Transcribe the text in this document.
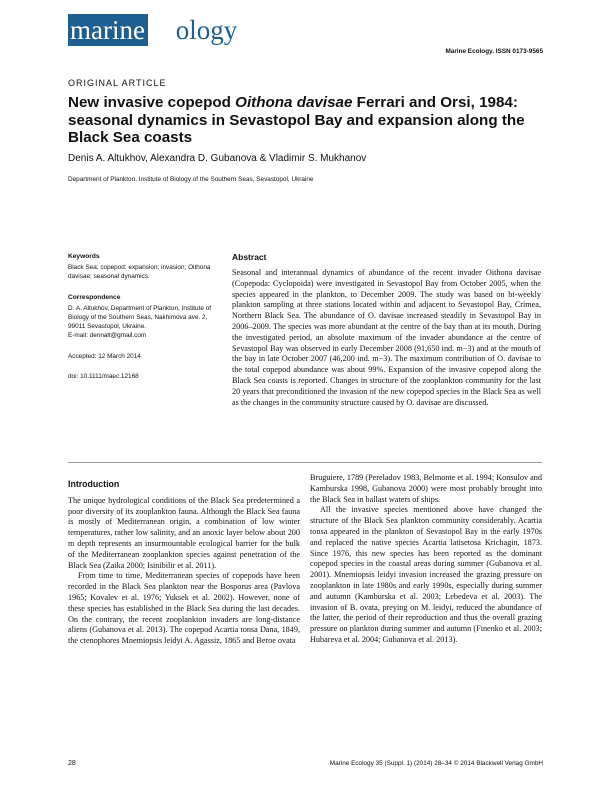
marine ecology
Marine Ecology. ISSN 0173-9565
ORIGINAL ARTICLE
New invasive copepod Oithona davisae Ferrari and Orsi, 1984: seasonal dynamics in Sevastopol Bay and expansion along the Black Sea coasts
Denis A. Altukhov, Alexandra D. Gubanova & Vladimir S. Mukhanov
Department of Plankton, Institute of Biology of the Southern Seas, Sevastopol, Ukraine
Keywords
Black Sea; copepod; expansion; invasion; Oithona davisae; seasonal dynamics.
Correspondence
D. A. Altukhov, Department of Plankton, Institute of Biology of the Southern Seas, Nakhimova ave. 2, 99011 Sevastopol, Ukraine.
E-mail: dennalt@gmail.com
Accepted: 12 March 2014
doi: 10.1111/maec.12168
Abstract
Seasonal and interannual dynamics of abundance of the recent invader Oithona davisae (Copepoda: Cyclopoida) were investigated in Sevastopol Bay from October 2005, when the species appeared in the plankton, to December 2009. The study was based on bi-weekly plankton sampling at three stations located within and adjacent to Sevastopol Bay, Crimea, Northern Black Sea. The abundance of O. davisae increased steadily in Sevastopol Bay in 2006–2009. The species was more abundant at the centre of the bay than at its mouth. During the investigated period, an absolute maximum of the invader abundance at the centre of Sevastopol Bay was observed in early December 2008 (91,650 ind. m−3) and at the mouth of the bay in late October 2007 (46,200 ind. m−3). The maximum contribution of O. davisae to the total copepod abundance was about 99%. Expansion of the invasive copepod along the Black Sea coasts is reported. Changes in structure of the zooplankton community for the last 20 years that preconditioned the invasion of the new copepod species in the Black Sea as well as the changes in the community structure caused by O. davisae are discussed.
Introduction

The unique hydrological conditions of the Black Sea predetermined a poor diversity of its zooplankton fauna. Although the Black Sea fauna is mostly of Mediterranean origin, a combination of low winter temperatures, rather low salinity, and an anoxic layer below about 200 m depth represents an insurmountable ecological barrier for the bulk of the Mediterranean zooplankton species against penetration of the Black Sea (Zaika 2000; Isinibilir et al. 2011).

From time to time, Mediterranean species of copepods have been recorded in the Black Sea plankton near the Bosporus area (Pavlova 1965; Kovalev et al. 1976; Yuksek et al. 2002). However, none of these species has established in the Black Sea during the last decades. On the contrary, the recent zooplankton invaders are long-distance aliens (Gubanova et al. 2013). The copepod Acartia tonsa Dana, 1849, the ctenophores Mnemiopsis leidyi A. Agassiz, 1865 and Beroe ovata

Bruguiere, 1789 (Pereladov 1983, Belmonte et al. 1994; Konsulov and Kamburska 1998, Gubanova 2000) were most probably brought into the Black Sea in ballast waters of ships.

All the invasive species mentioned above have changed the structure of the Black Sea plankton community considerably. Acartia tonsa appeared in the plankton of Sevastopol Bay in the early 1970s and replaced the native species Acartia latisetosa Krichagin, 1873. Since 1976, this new species has been reported as the dominant copepod species in the coastal areas during summer (Gubanova et al. 2001). Mnemiopsis leidyi invasion increased the grazing pressure on zooplankton in late 1980s and early 1990s, especially during summer and autumn (Kamburska et al. 2003; Lebedeva et al. 2003). The invasion of B. ovata, preying on M. leidyi, reduced the abundance of the latter, the period of their reproduction and thus the overall grazing pressure on plankton during summer and autumn (Finenko et al. 2003; Hubareva et al. 2004; Gubanova et al. 2013).

28	Marine Ecology 35 (Suppl. 1) (2014) 28–34 © 2014 Blackwell Verlag GmbH
